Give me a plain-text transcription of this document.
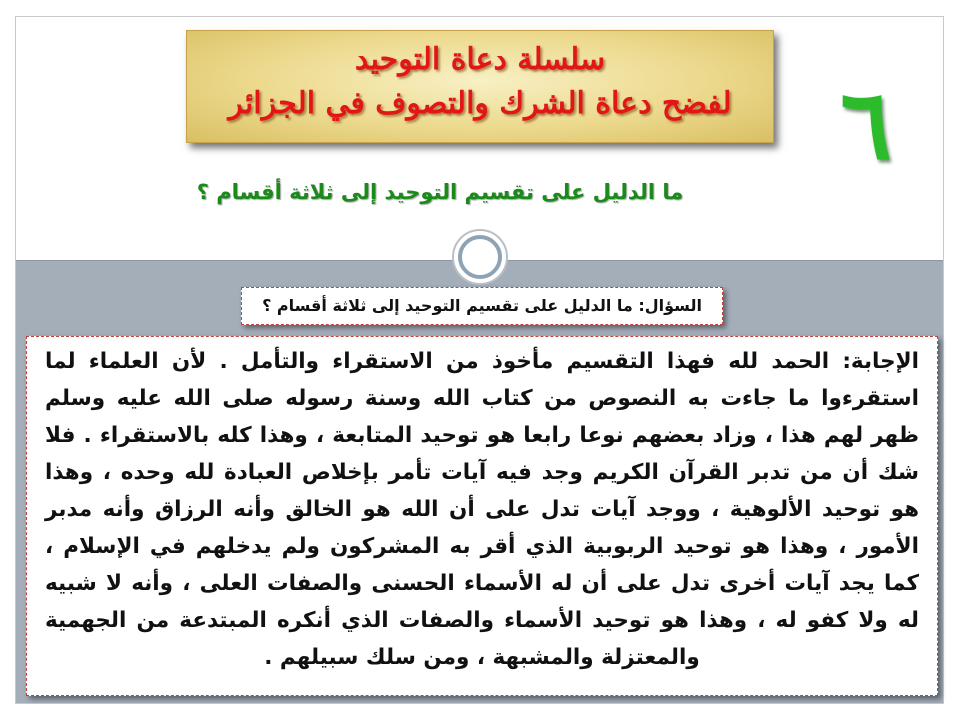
سلسلة دعاة التوحيد
لفضح دعاة الشرك والتصوف في الجزائر	٦
ما الدليل على تقسيم التوحيد إلى ثلاثة أقسام ؟
السؤال: ما الدليل على تقسيم التوحيد إلى ثلاثة أقسام ؟
الإجابة: الحمد لله فهذا التقسيم مأخوذ من الاستقراء والتأمل . لأن العلماء لما استقرءوا ما جاءت به النصوص من كتاب الله وسنة رسوله صلى الله عليه وسلم ظهر لهم هذا ، وزاد بعضهم نوعا رابعا هو توحيد المتابعة ، وهذا كله بالاستقراء . فلا شك أن من تدبر القرآن الكريم وجد فيه آيات تأمر بإخلاص العبادة لله وحده ، وهذا هو توحيد الألوهية ، ووجد آيات تدل على أن الله هو الخالق وأنه الرزاق وأنه مدبر الأمور ، وهذا هو توحيد الربوبية الذي أقر به المشركون ولم يدخلهم في الإسلام ، كما يجد آيات أخرى تدل على أن له الأسماء الحسنى والصفات العلى ، وأنه لا شبيه له ولا كفو له ، وهذا هو توحيد الأسماء والصفات الذي أنكره المبتدعة من الجهمية والمعتزلة والمشبهة ، ومن سلك سبيلهم .
